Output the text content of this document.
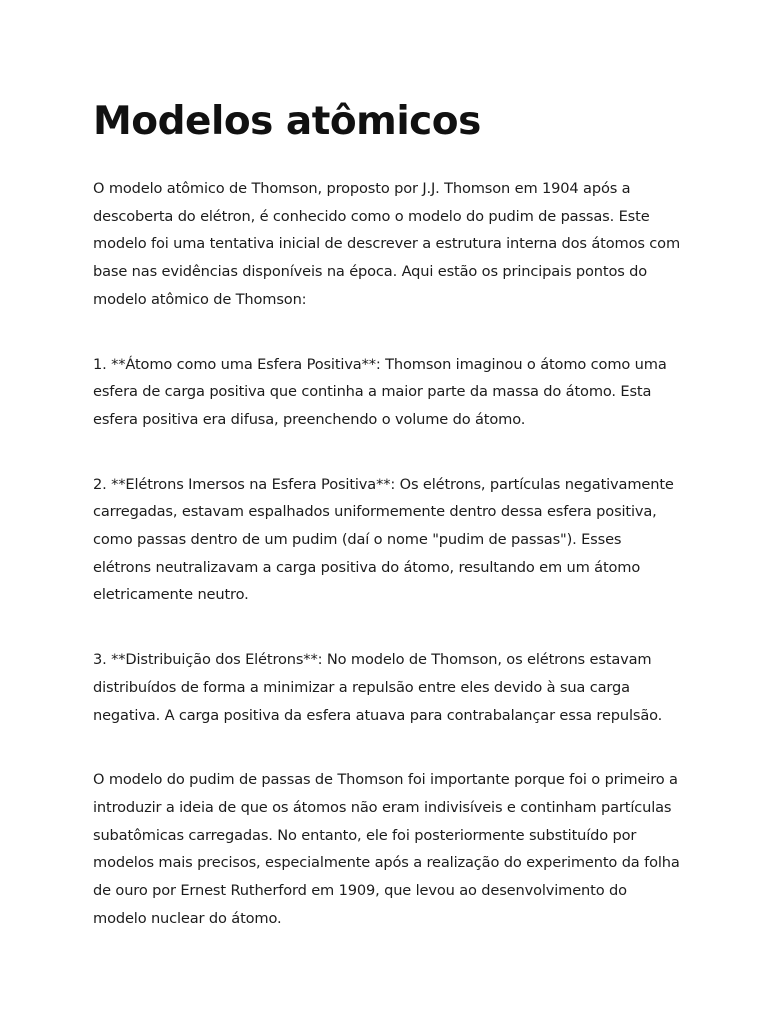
Modelos atômicos

O modelo atômico de Thomson, proposto por J.J. Thomson em 1904 após a descoberta do elétron, é conhecido como o modelo do pudim de passas. Este modelo foi uma tentativa inicial de descrever a estrutura interna dos átomos com base nas evidências disponíveis na época. Aqui estão os principais pontos do modelo atômico de Thomson:

1. **Átomo como uma Esfera Positiva**: Thomson imaginou o átomo como uma esfera de carga positiva que continha a maior parte da massa do átomo. Esta esfera positiva era difusa, preenchendo o volume do átomo.

2. **Elétrons Imersos na Esfera Positiva**: Os elétrons, partículas negativamente carregadas, estavam espalhados uniformemente dentro dessa esfera positiva, como passas dentro de um pudim (daí o nome "pudim de passas"). Esses elétrons neutralizavam a carga positiva do átomo, resultando em um átomo eletricamente neutro.

3. **Distribuição dos Elétrons**: No modelo de Thomson, os elétrons estavam distribuídos de forma a minimizar a repulsão entre eles devido à sua carga negativa. A carga positiva da esfera atuava para contrabalançar essa repulsão.

O modelo do pudim de passas de Thomson foi importante porque foi o primeiro a introduzir a ideia de que os átomos não eram indivisíveis e continham partículas subatômicas carregadas. No entanto, ele foi posteriormente substituído por modelos mais precisos, especialmente após a realização do experimento da folha de ouro por Ernest Rutherford em 1909, que levou ao desenvolvimento do modelo nuclear do átomo.
